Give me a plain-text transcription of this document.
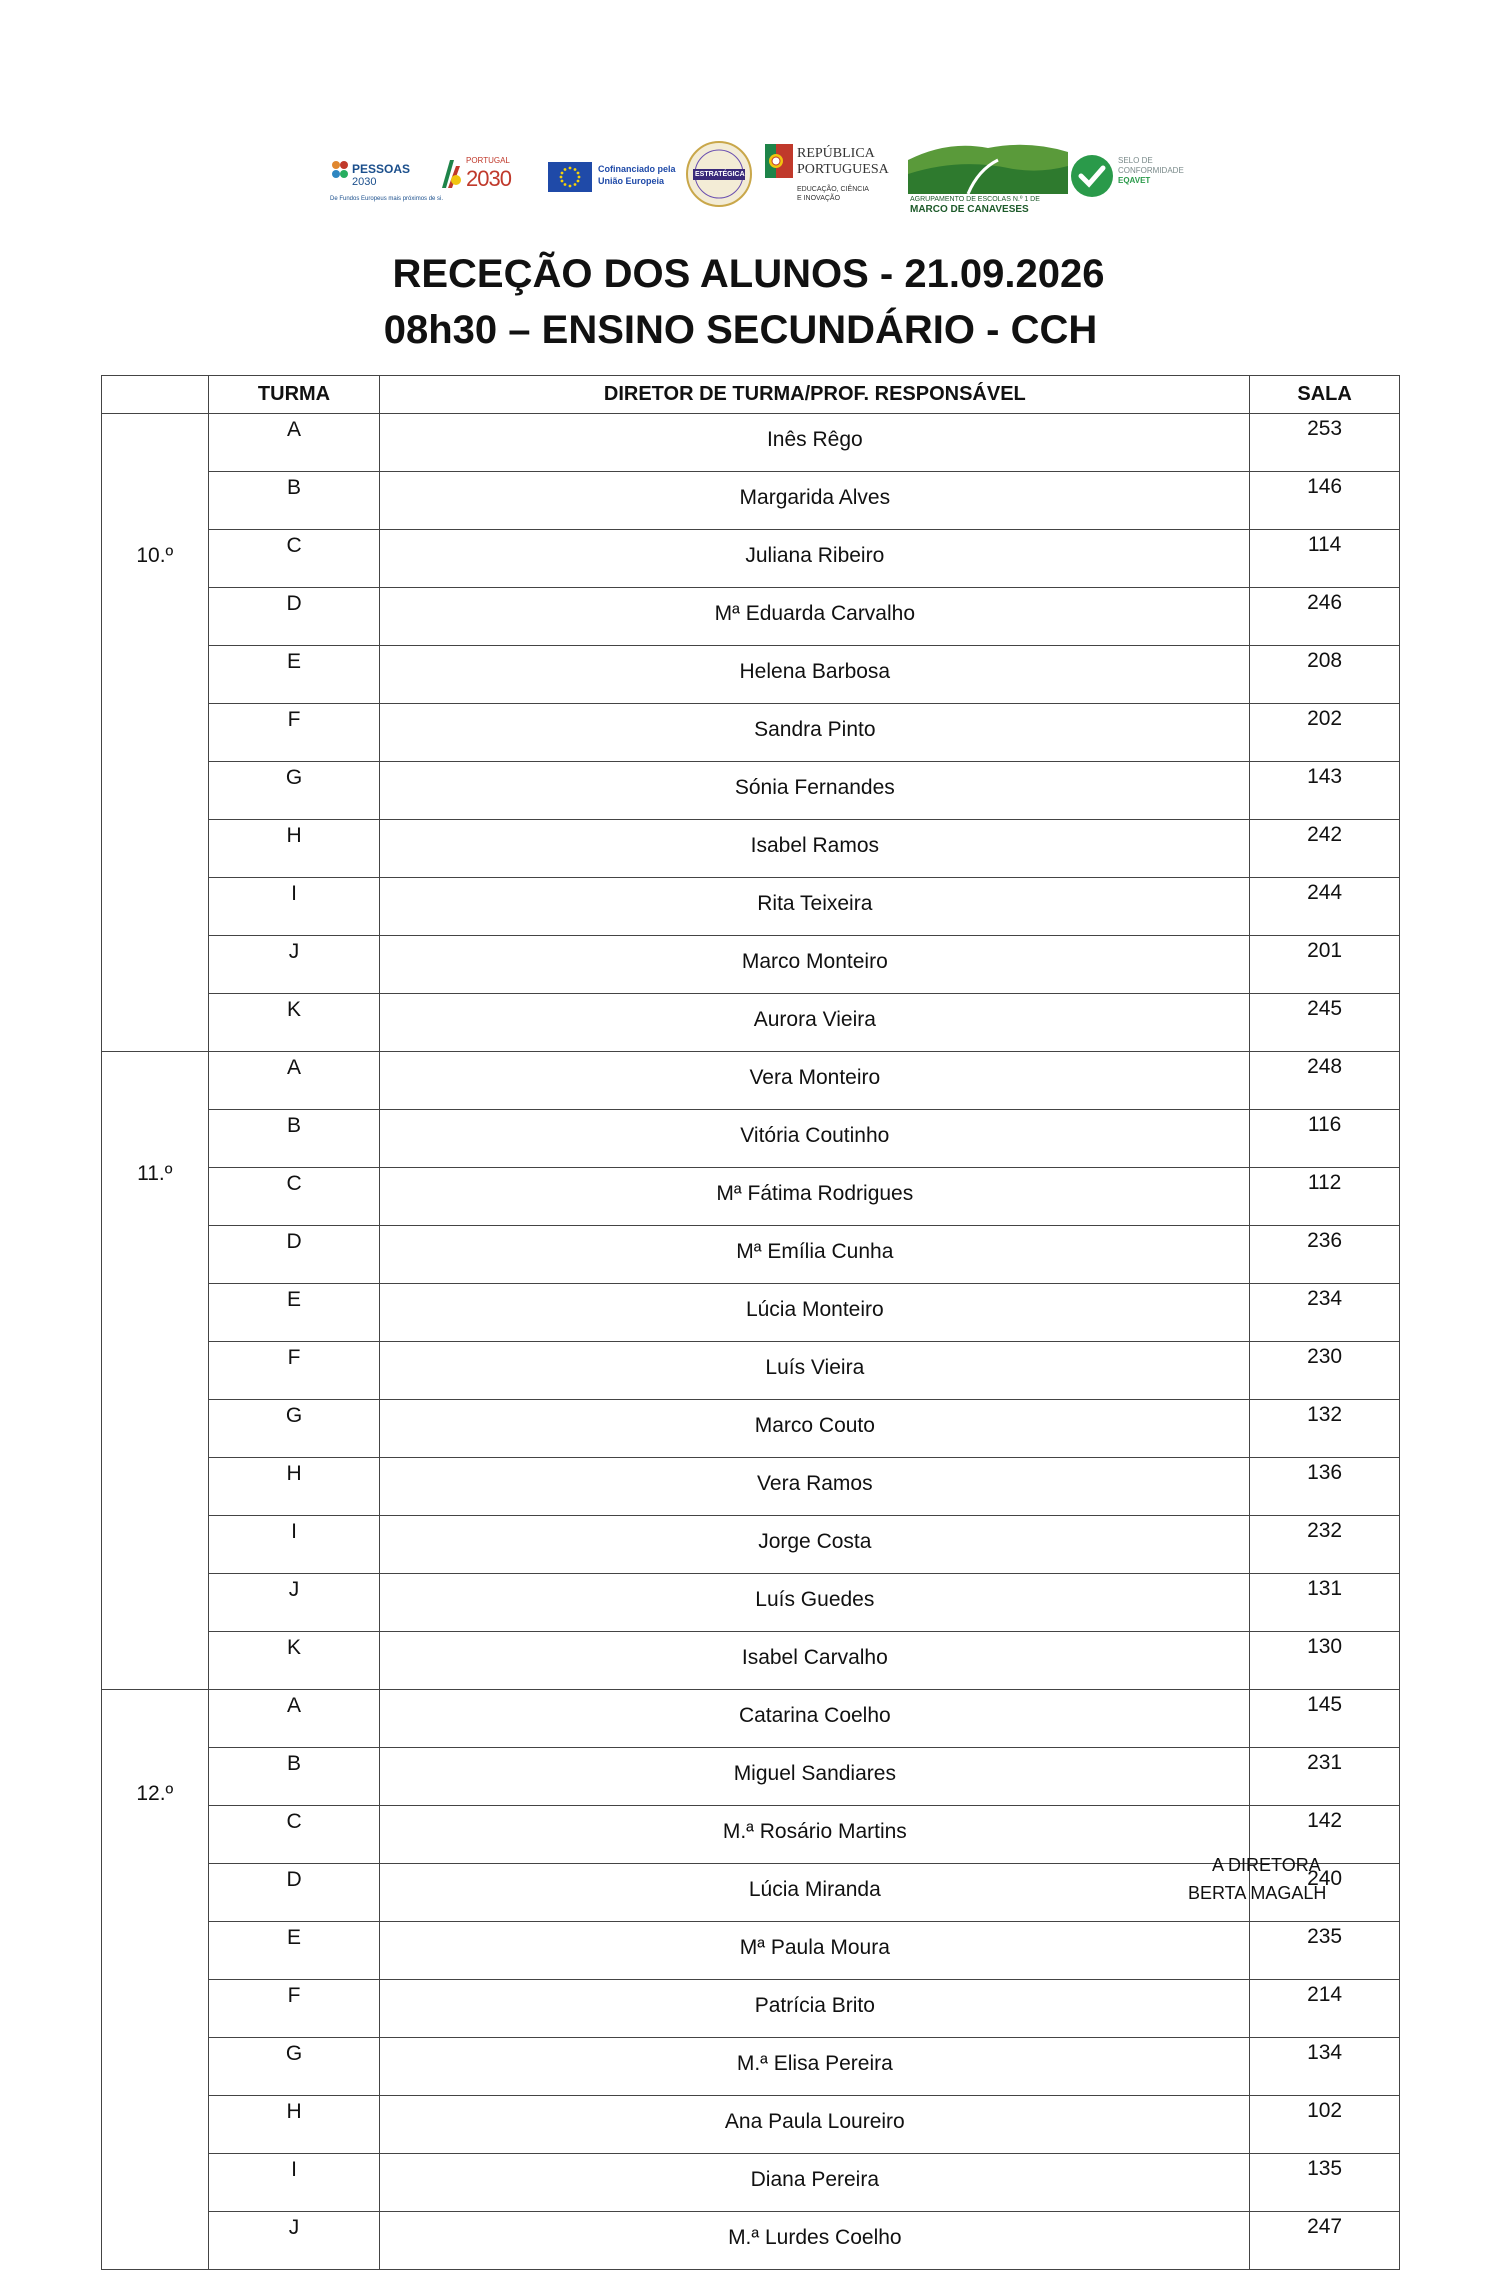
PESSOAS
2030
De Fundos Europeus mais próximos de si.
PORTUGAL
2030	Cofinanciado pela
União Europeia
ESTRATÉGICA
REPÚBLICA
PORTUGUESA
EDUCAÇÃO, CIÊNCIA
E INOVAÇÃO	AGRUPAMENTO DE ESCOLAS N.º 1 DE
MARCO DE CANAVESES
SELO DE
CONFORMIDADE
EQAVET
RECEÇÃO DOS ALUNOS - 21.09.2026
08h30 – ENSINO SECUNDÁRIO - CCH
	TURMA	DIRETOR DE TURMA/PROF. RESPONSÁVEL	SALA

10.º	A	Inês Rêgo	253
	B	Margarida Alves	146
	C	Juliana Ribeiro	114
	D	Mª Eduarda Carvalho	246
	E	Helena Barbosa	208
	F	Sandra Pinto	202
	G	Sónia Fernandes	143
	H	Isabel Ramos	242
	I	Rita Teixeira	244
	J	Marco Monteiro	201
	K	Aurora Vieira	245

11.º	A	Vera Monteiro	248
	B	Vitória Coutinho	116
	C	Mª Fátima Rodrigues	112
	D	Mª Emília Cunha	236
	E	Lúcia Monteiro	234
	F	Luís Vieira	230
	G	Marco Couto	132
	H	Vera Ramos	136
	I	Jorge Costa	232
	J	Luís Guedes	131
	K	Isabel Carvalho	130

12.º	A	Catarina Coelho	145
	B	Miguel Sandiares	231
	C	M.ª Rosário Martins	142
	D	Lúcia Miranda	240
	E	Mª Paula Moura	235
	F	Patrícia Brito	214
	G	M.ª Elisa Pereira	134
	H	Ana Paula Loureiro	102
	I	Diana Pereira	135
	J	M.ª Lurdes Coelho	247
A DIRETORA
BERTA MAGALH
